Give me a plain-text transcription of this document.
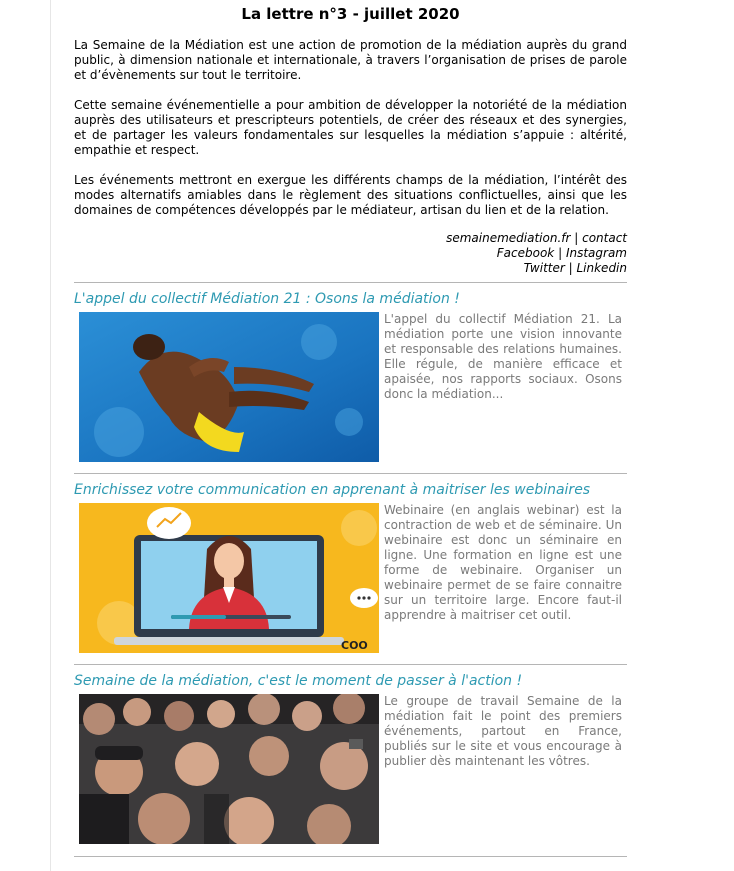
La lettre n°3 - juillet 2020

La Semaine de la Médiation est une action de promotion de la médiation auprès du grand public, à dimension nationale et internationale, à travers l’organisation de prises de parole et d’évènements sur tout le territoire.

Cette semaine événementielle a pour ambition de développer la notoriété de la médiation auprès des utilisateurs et prescripteurs potentiels, de créer des réseaux et des synergies, et de partager les valeurs fondamentales sur lesquelles la médiation s’appuie : altérité, empathie et respect.

Les événements mettront en exergue les différents champs de la médiation, l’intérêt des modes alternatifs amiables dans le règlement des situations conflictuelles, ainsi que les domaines de compétences développés par le médiateur, artisan du lien et de la relation.

semainemediation.fr | contact
Facebook | Instagram
Twitter | Linkedin
L'appel du collectif Médiation 21 : Osons la médiation !
L'appel du collectif Médiation 21. La médiation porte une vision innovante et responsable des relations humaines. Elle régule, de manière efficace et apaisée, nos rapports sociaux. Osons donc la médiation...
Enrichissez votre communication en apprenant à maitriser les webinaires
COO
Webinaire (en anglais webinar) est la contraction de web et de séminaire. Un webinaire est donc un séminaire en ligne. Une formation en ligne est une forme de webinaire. Organiser un webinaire permet de se faire connaitre sur un territoire large. Encore faut-il apprendre à maitriser cet outil.
Semaine de la médiation, c'est le moment de passer à l'action !
Le groupe de travail Semaine de la médiation fait le point des premiers événements, partout en France, publiés sur le site et vous encourage à publier dès maintenant les vôtres.
